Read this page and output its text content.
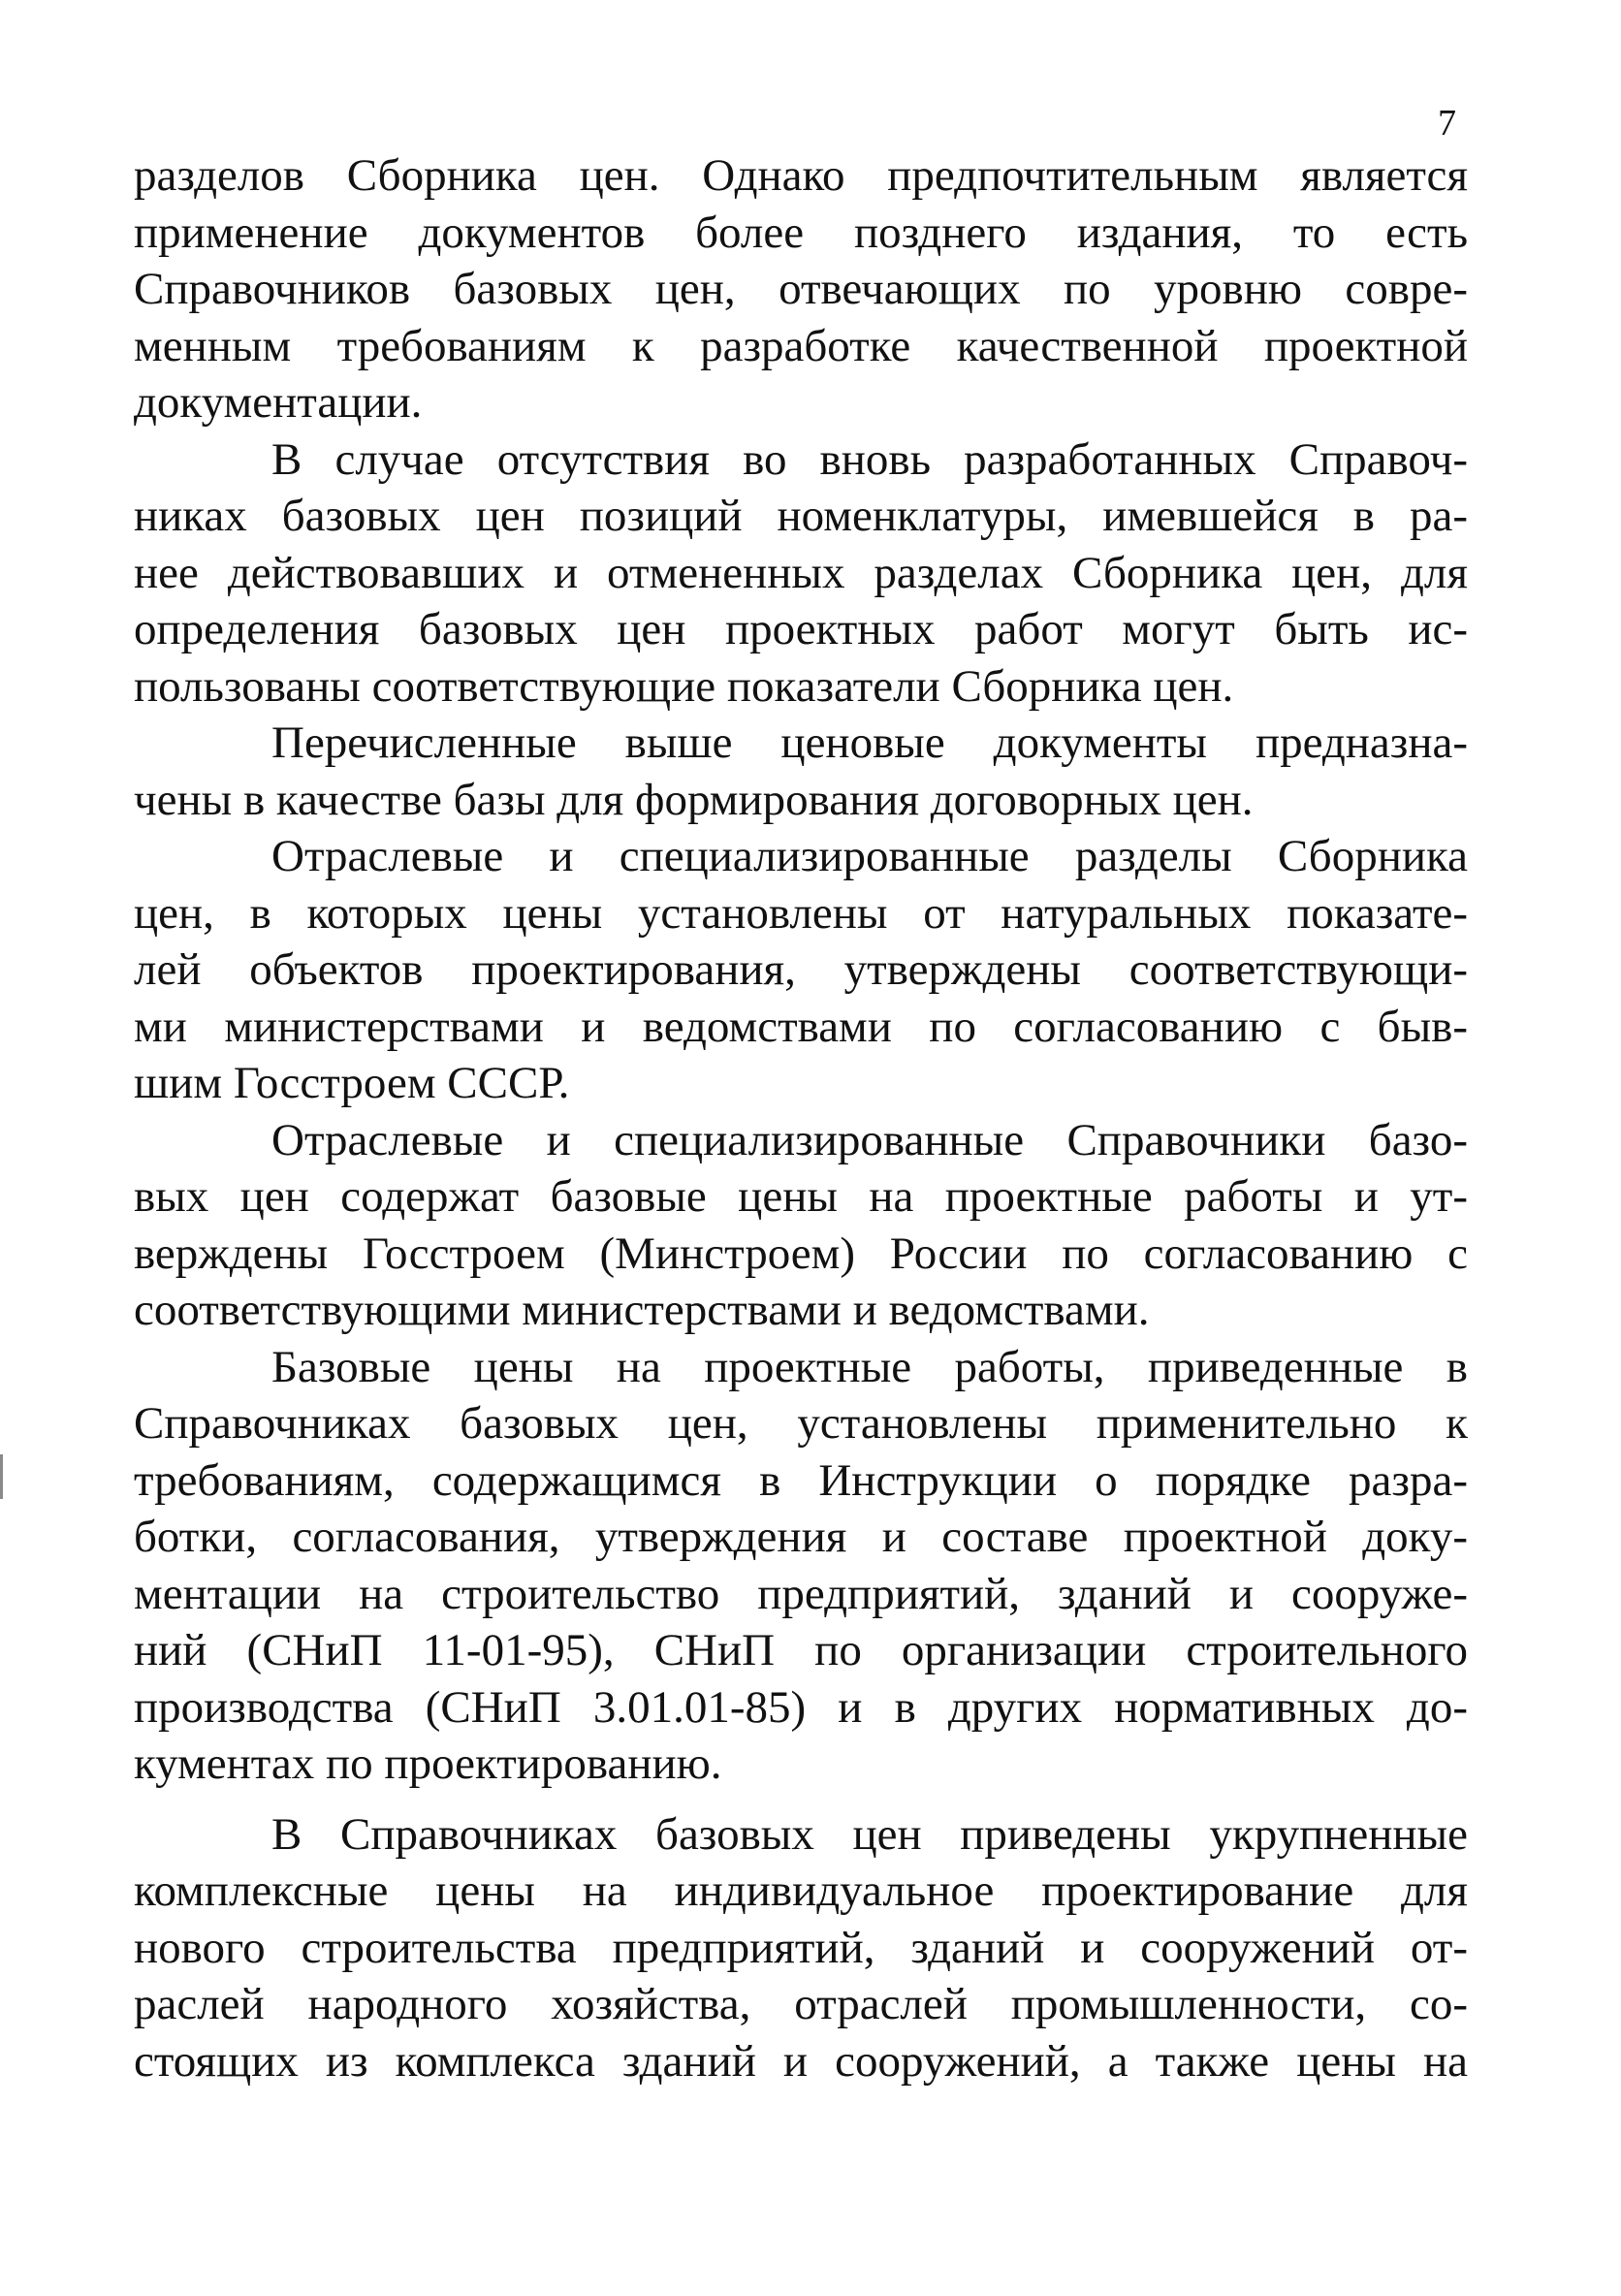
7

разделов Сборника цен. Однако предпочтительным является
применение документов более позднего издания, то есть
Справочников базовых цен, отвечающих по уровню совре-
менным требованиям к разработке качественной проектной
документации.

В случае отсутствия во вновь разработанных Справоч-
никах базовых цен позиций номенклатуры, имевшейся в ра-
нее действовавших и отмененных разделах Сборника цен, для
определения базовых цен проектных работ могут быть ис-
пользованы соответствующие показатели Сборника цен.

Перечисленные выше ценовые документы предназна-
чены в качестве базы для формирования договорных цен.

Отраслевые и специализированные разделы Сборника
цен, в которых цены установлены от натуральных показате-
лей объектов проектирования, утверждены соответствующи-
ми министерствами и ведомствами по согласованию с быв-
шим Госстроем СССР.

Отраслевые и специализированные Справочники базо-
вых цен содержат базовые цены на проектные работы и ут-
верждены Госстроем (Минстроем) России по согласованию с
соответствующими министерствами и ведомствами.

Базовые цены на проектные работы, приведенные в
Справочниках базовых цен, установлены применительно к
требованиям, содержащимся в Инструкции о порядке разра-
ботки, согласования, утверждения и составе проектной доку-
ментации на строительство предприятий, зданий и сооруже-
ний (СНиП 11-01-95), СНиП по организации строительного
производства (СНиП 3.01.01-85) и в других нормативных до-
кументах по проектированию.

В Справочниках базовых цен приведены укрупненные
комплексные цены на индивидуальное проектирование для
нового строительства предприятий, зданий и сооружений от-
раслей народного хозяйства, отраслей промышленности, со-
стоящих из комплекса зданий и сооружений, а также цены на
